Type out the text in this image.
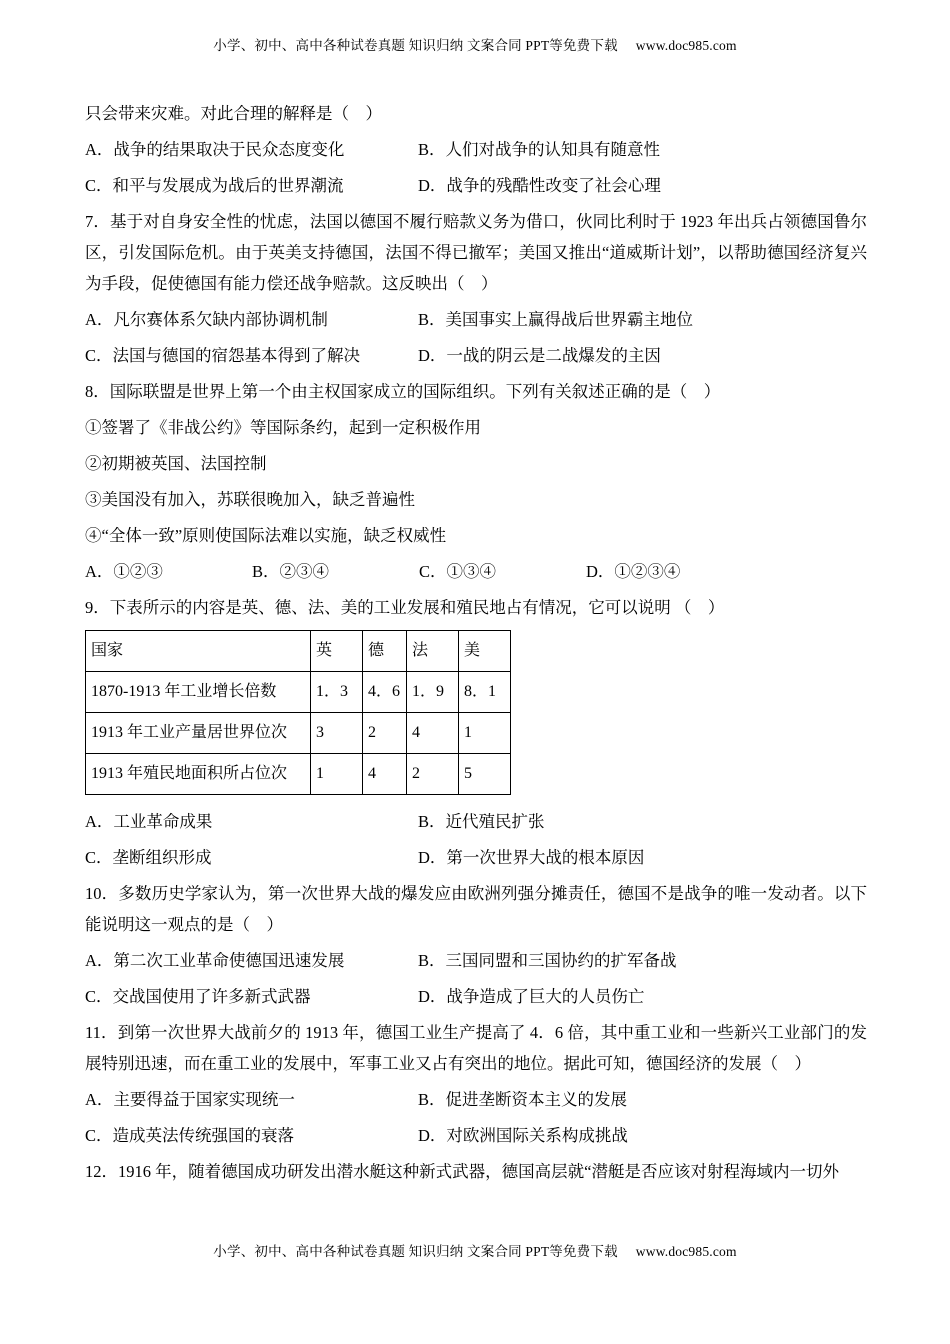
小学、初中、高中各种试卷真题 知识归纳 文案合同 PPT等免费下载 www.doc985.com
只会带来灾难。对此合理的解释是（　）
A．战争的结果取决于民众态度变化	B．人们对战争的认知具有随意性
C．和平与发展成为战后的世界潮流	D．战争的残酷性改变了社会心理
7．基于对自身安全性的忧虑，法国以德国不履行赔款义务为借口，伙同比利时于 1923 年出兵占领德国鲁尔区，引发国际危机。由于英美支持德国，法国不得已撤军；美国又推出“道威斯计划”，以帮助德国经济复兴为手段，促使德国有能力偿还战争赔款。这反映出（　）
A．凡尔赛体系欠缺内部协调机制	B．美国事实上赢得战后世界霸主地位
C．法国与德国的宿怨基本得到了解决	D．一战的阴云是二战爆发的主因
8．国际联盟是世界上第一个由主权国家成立的国际组织。下列有关叙述正确的是（　）
①签署了《非战公约》等国际条约，起到一定积极作用
②初期被英国、法国控制
③美国没有加入，苏联很晚加入，缺乏普遍性
④“全体一致”原则使国际法难以实施，缺乏权威性
A．①②③	B．②③④	C．①③④	D．①②③④
9．下表所示的内容是英、德、法、美的工业发展和殖民地占有情况，它可以说明 （　）
国家	英	德	法	美
1870-1913 年工业增长倍数	1．3	4．6	1．9	8．1
1913 年工业产量居世界位次	3	2	4	1
1913 年殖民地面积所占位次	1	4	2	5
A．工业革命成果	B．近代殖民扩张
C．垄断组织形成	D．第一次世界大战的根本原因
10．多数历史学家认为，第一次世界大战的爆发应由欧洲列强分摊责任，德国不是战争的唯一发动者。以下能说明这一观点的是（　）
A．第二次工业革命使德国迅速发展	B．三国同盟和三国协约的扩军备战
C．交战国使用了许多新式武器	D．战争造成了巨大的人员伤亡
11．到第一次世界大战前夕的 1913 年，德国工业生产提高了 4．6 倍，其中重工业和一些新兴工业部门的发展特别迅速，而在重工业的发展中，军事工业又占有突出的地位。据此可知，德国经济的发展（　）
A．主要得益于国家实现统一	B．促进垄断资本主义的发展
C．造成英法传统强国的衰落	D．对欧洲国际关系构成挑战
12．1916 年，随着德国成功研发出潜水艇这种新式武器，德国高层就“潜艇是否应该对射程海域内一切外
小学、初中、高中各种试卷真题 知识归纳 文案合同 PPT等免费下载 www.doc985.com
